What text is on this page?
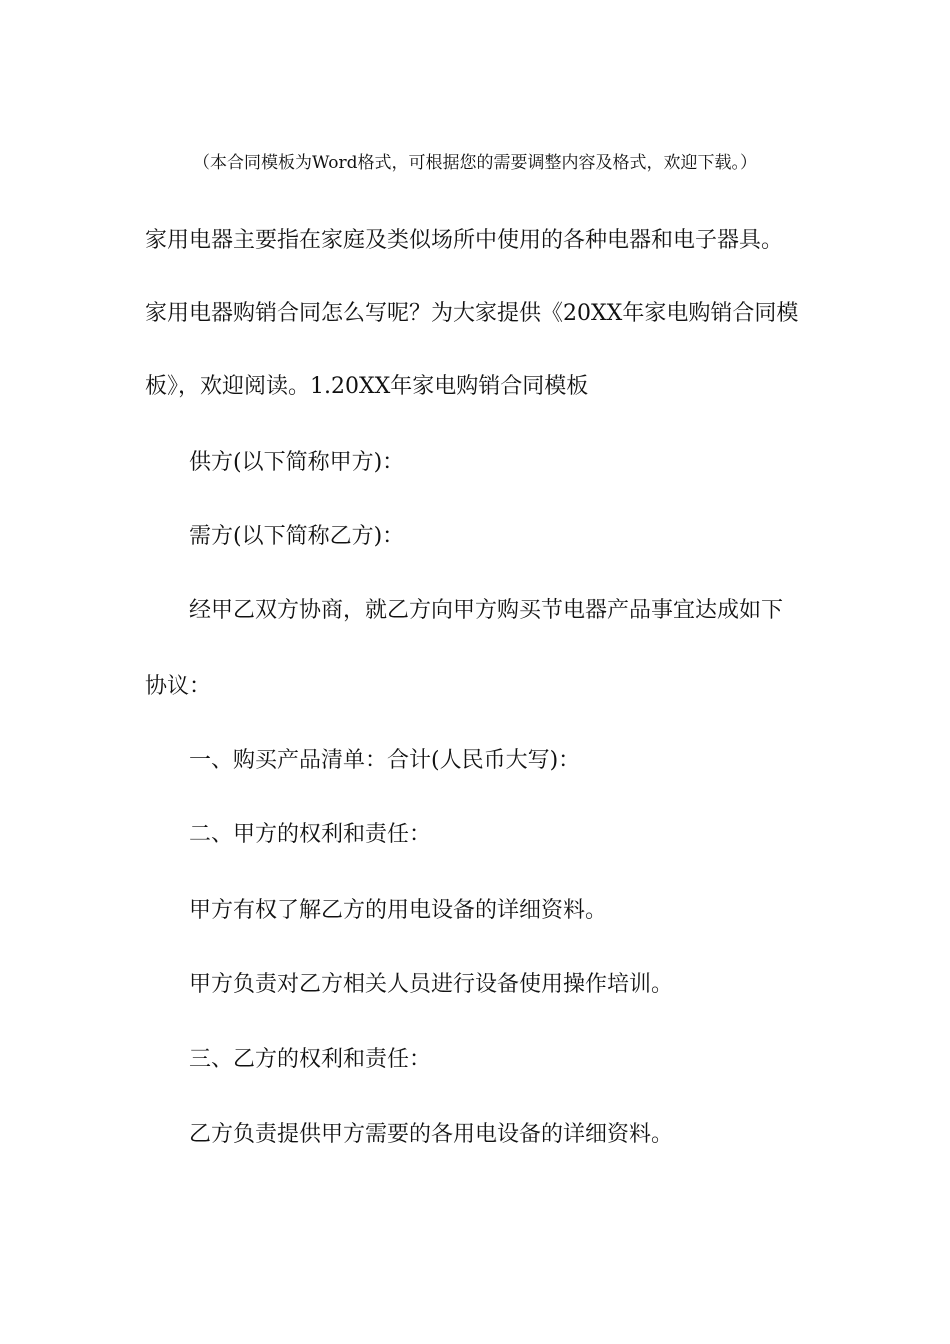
（本合同模板为Word格式，可根据您的需要调整内容及格式，欢迎下载。）
家用电器主要指在家庭及类似场所中使用的各种电器和电子器具。
家用电器购销合同怎么写呢？为大家提供《20XX年家电购销合同模
板》，欢迎阅读。1.20XX年家电购销合同模板
供方(以下简称甲方)：
需方(以下简称乙方)：
经甲乙双方协商，就乙方向甲方购买节电器产品事宜达成如下
协议：
一、购买产品清单：合计(人民币大写)：
二、甲方的权利和责任：
甲方有权了解乙方的用电设备的详细资料。
甲方负责对乙方相关人员进行设备使用操作培训。
三、乙方的权利和责任：
乙方负责提供甲方需要的各用电设备的详细资料。
